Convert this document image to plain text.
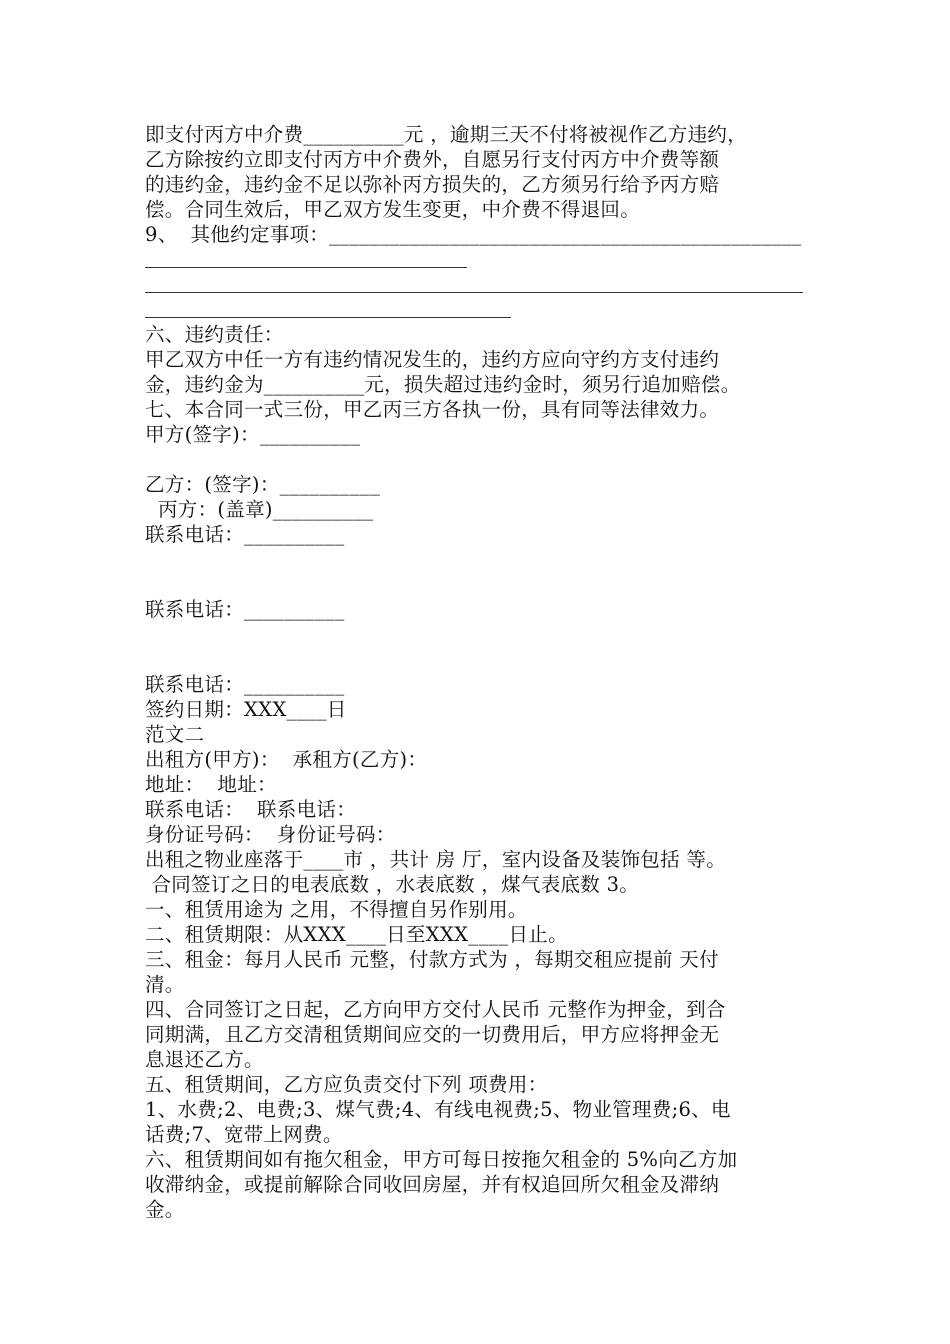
即支付丙方中介费__________元 ，逾期三天不付将被视作乙方违约，
乙方除按约立即支付丙方中介费外，自愿另行支付丙方中介费等额
的违约金，违约金不足以弥补丙方损失的，乙方须另行给予丙方赔
偿。合同生效后，甲乙双方发生变更，中介费不得退回。
9、  其他约定事项：_______________________________________________
六、违约责任：
甲乙双方中任一方有违约情况发生的，违约方应向守约方支付违约
金，违约金为__________元，损失超过违约金时，须另行追加赔偿。
七、本合同一式三份，甲乙丙三方各执一份，具有同等法律效力。
甲方(签字)：__________
乙方：(签字)：__________
丙方：(盖章)__________
联系电话：__________
联系电话：__________
联系电话：__________
签约日期：XXX____日
范文二
出租方(甲方)：  承租方(乙方)：
地址：  地址：
联系电话：  联系电话：
身份证号码：  身份证号码：
出租之物业座落于____市 ，共计 房 厅，室内设备及装饰包括 等。
合同签订之日的电表底数 ，水表底数 ，煤气表底数 3。
一、租赁用途为 之用，不得擅自另作别用。
二、租赁期限：从XXX____日至XXX____日止。
三、租金：每月人民币 元整，付款方式为 ，每期交租应提前 天付
清。
四、合同签订之日起，乙方向甲方交付人民币 元整作为押金，到合
同期满，且乙方交清租赁期间应交的一切费用后，甲方应将押金无
息退还乙方。
五、租赁期间，乙方应负责交付下列 项费用：
1、水费;2、电费;3、煤气费;4、有线电视费;5、物业管理费;6、电
话费;7、宽带上网费。
六、租赁期间如有拖欠租金，甲方可每日按拖欠租金的 5%向乙方加
收滞纳金，或提前解除合同收回房屋，并有权追回所欠租金及滞纳
金。
